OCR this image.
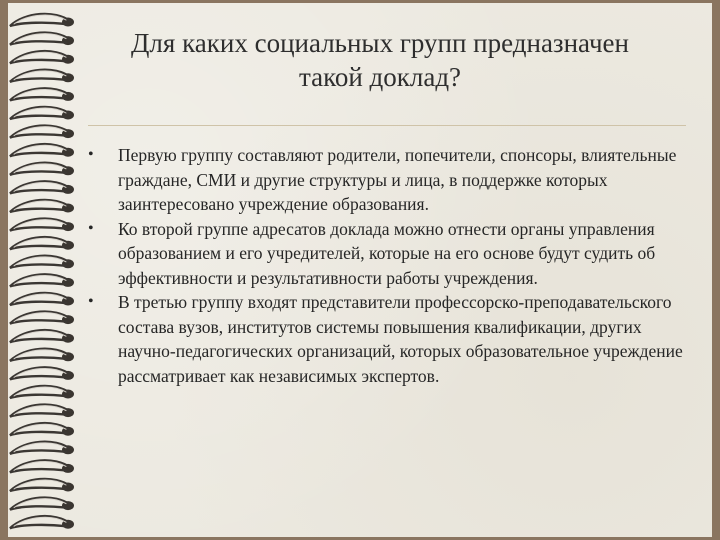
Для каких социальных групп предназначен
такой доклад?
•	Первую группу составляют родители, попечители, спонсоры, влиятельные граждане, СМИ и другие структуры и лица, в поддержке которых заинтересовано учреждение образования.
•	Ко второй группе адресатов доклада можно отнести органы управления образованием и его учредителей, которые на его основе будут судить об эффективности и результативности работы учреждения.
•	В третью группу входят представители профессорско-преподавательского состава вузов, институтов системы повышения квалификации, других научно-педагогических организаций, которых образовательное учреждение рассматривает как независимых экспертов.
